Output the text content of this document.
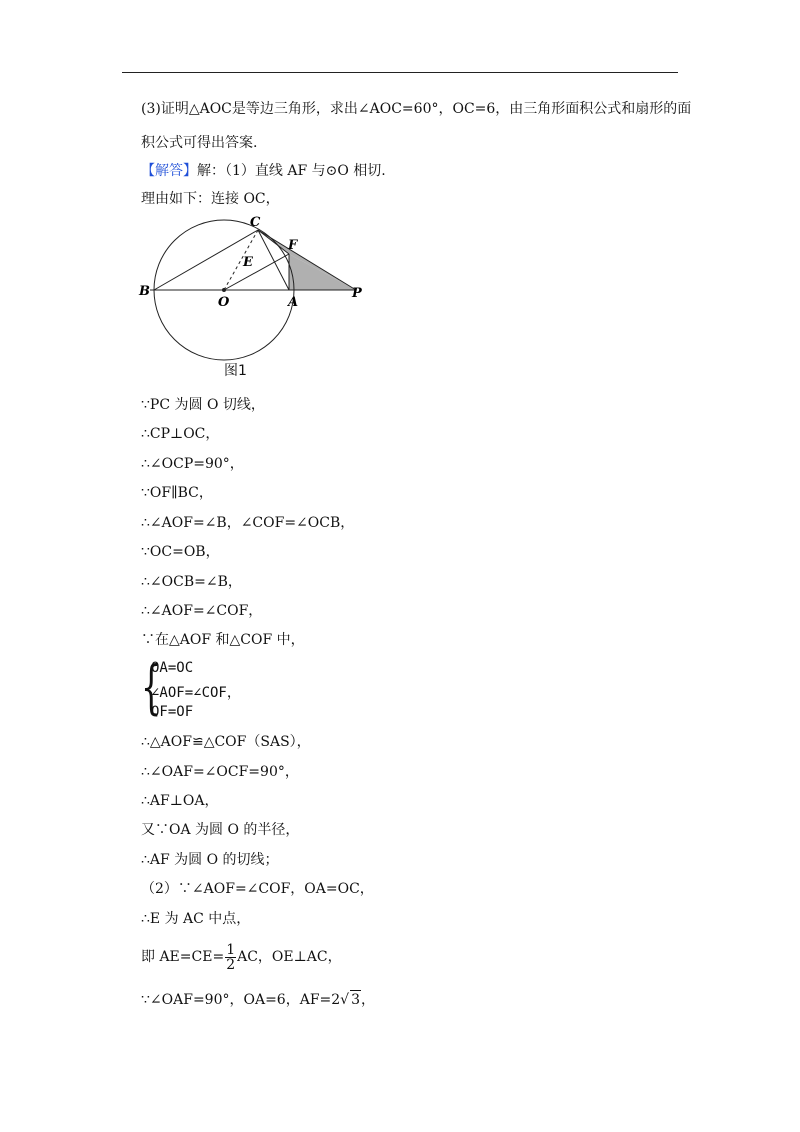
(3)证明△AOC是等边三角形，求出∠AOC=60°，OC=6，由三角形面积公式和扇形的面
积公式可得出答案.
【解答】解：（1）直线 AF 与⊙O 相切.
理由如下：连接 OC，
B
O	A
P
C
F
E
图1
∵PC 为圆 O 切线，
∴CP⊥OC，
∴∠OCP=90°，
∵OF∥BC，
∴∠AOF=∠B，∠COF=∠OCB，
∵OC=OB，
∴∠OCB=∠B，
∴∠AOF=∠COF，
∵在△AOF 和△COF 中，
{
OA=OC
∠AOF=∠COF，
OF=OF
∴△AOF≌△COF（SAS），
∴∠OAF=∠OCF=90°，
∴AF⊥OA，
又∵OA 为圆 O 的半径，
∴AF 为圆 O 的切线；
（2）∵∠AOF=∠COF，OA=OC，
∴E 为 AC 中点，
即 $AE=CE= \frac{1}{2}$ AC，OE⊥AC，
∵∠OAF=90°，OA=6，AF=2√ 3，
